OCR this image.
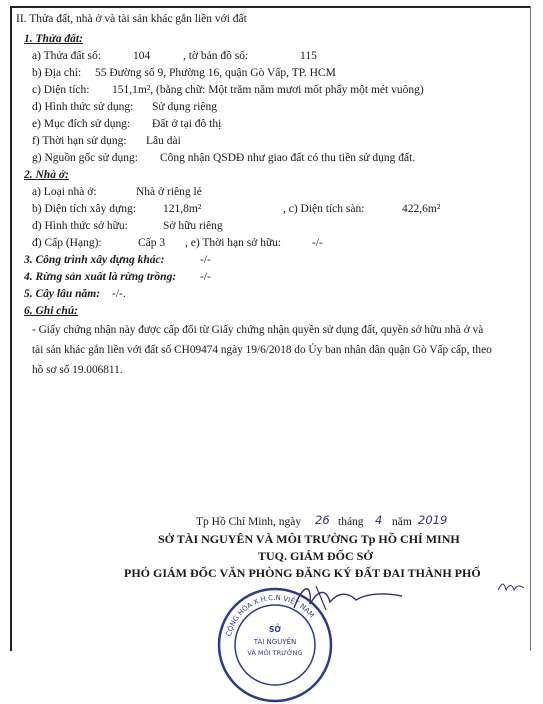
II. Thửa đất, nhà ở và tài sản khác gắn liền với đất
1. Thửa đất:
a) Thửa đất số:	104	, tờ bản đồ số:	115
b) Địa chỉ: 55 Đường số 9, Phường 16, quận Gò Vấp, TP. HCM
c) Diện tích: 151,1m², (bằng chữ: Một trăm năm mươi mốt phẩy một mét vuông)
d) Hình thức sử dụng: Sử dụng riêng
e) Mục đích sử dụng: Đất ở tại đô thị
f) Thời hạn sử dụng: Lâu dài
g) Nguồn gốc sử dụng: Công nhận QSDĐ như giao đất có thu tiền sử dụng đất.
2. Nhà ở:
a) Loại nhà ở:	Nhà ở riêng lẻ
b) Diện tích xây dựng: 121,8m²	, c) Diện tích sàn:	422,6m²
d) Hình thức sở hữu:	Sở hữu riêng
đ) Cấp (Hạng):	Cấp 3 , e) Thời hạn sở hữu:	-/-
3. Công trình xây dựng khác:	-/-
4. Rừng sản xuất là rừng trồng: -/-
5. Cây lâu năm: -/-.
6. Ghi chú:
- Giấy chứng nhận này được cấp đổi từ Giấy chứng nhận quyền sử dụng đất, quyền sở hữu nhà ở và tài sản khác gắn liền với đất số CH09474 ngày 19/6/2018 do Ủy ban nhân dân quận Gò Vấp cấp, theo hồ sơ số 19.006811.
Tp Hồ Chí Minh, ngày 26 tháng 4 năm 2019
SỞ TÀI NGUYÊN VÀ MÔI TRƯỜNG Tp HỒ CHÍ MINH
TUQ. GIÁM ĐỐC SỞ
PHÓ GIÁM ĐỐC VĂN PHÒNG ĐĂNG KÝ ĐẤT ĐAI THÀNH PHỐ
CỘNG HÒA X.H.C.N VIỆT NAM
SỞ
TÀI NGUYÊN
VÀ MÔI TRƯỜNG
